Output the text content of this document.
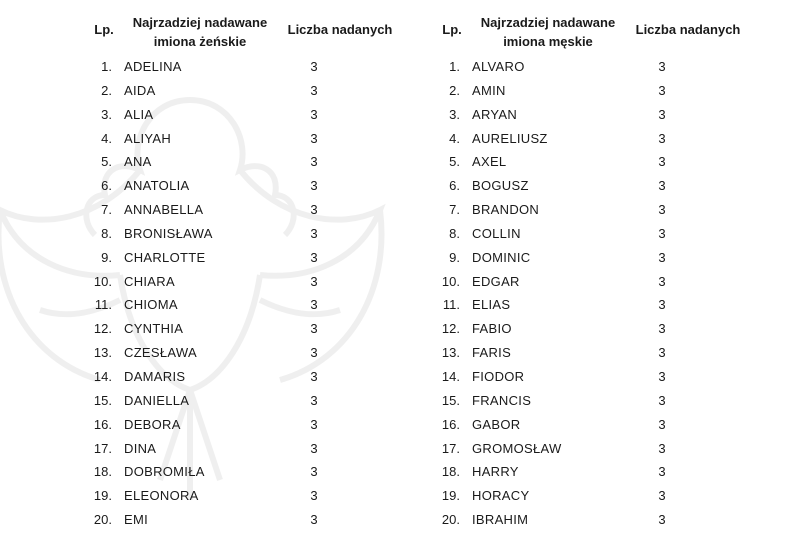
Lp.	Najrzadziej nadawane
imiona żeńskie
Liczba nadanych
1. ADELINA	3
2. AIDA	3
3. ALIA	3
4. ALIYAH	3
5. ANA	3
6. ANATOLIA	3
7. ANNABELLA	3
8. BRONISŁAWA	3
9. CHARLOTTE	3
10. CHIARA	3
11. CHIOMA	3
12. CYNTHIA	3
13. CZESŁAWA	3
14. DAMARIS	3
15. DANIELLA	3
16. DEBORA	3
17. DINA	3
18. DOBROMIŁA	3
19. ELEONORA	3
20. EMI	3
Lp.	Najrzadziej nadawane
imiona męskie
Liczba nadanych
1. ALVARO	3
2. AMIN	3
3. ARYAN	3
4. AURELIUSZ	3
5. AXEL	3
6. BOGUSZ	3
7. BRANDON	3
8. COLLIN	3
9. DOMINIC	3
10. EDGAR	3
11. ELIAS	3
12. FABIO	3
13. FARIS	3
14. FIODOR	3
15. FRANCIS	3
16. GABOR	3
17. GROMOSŁAW	3
18. HARRY	3
19. HORACY	3
20. IBRAHIM	3
